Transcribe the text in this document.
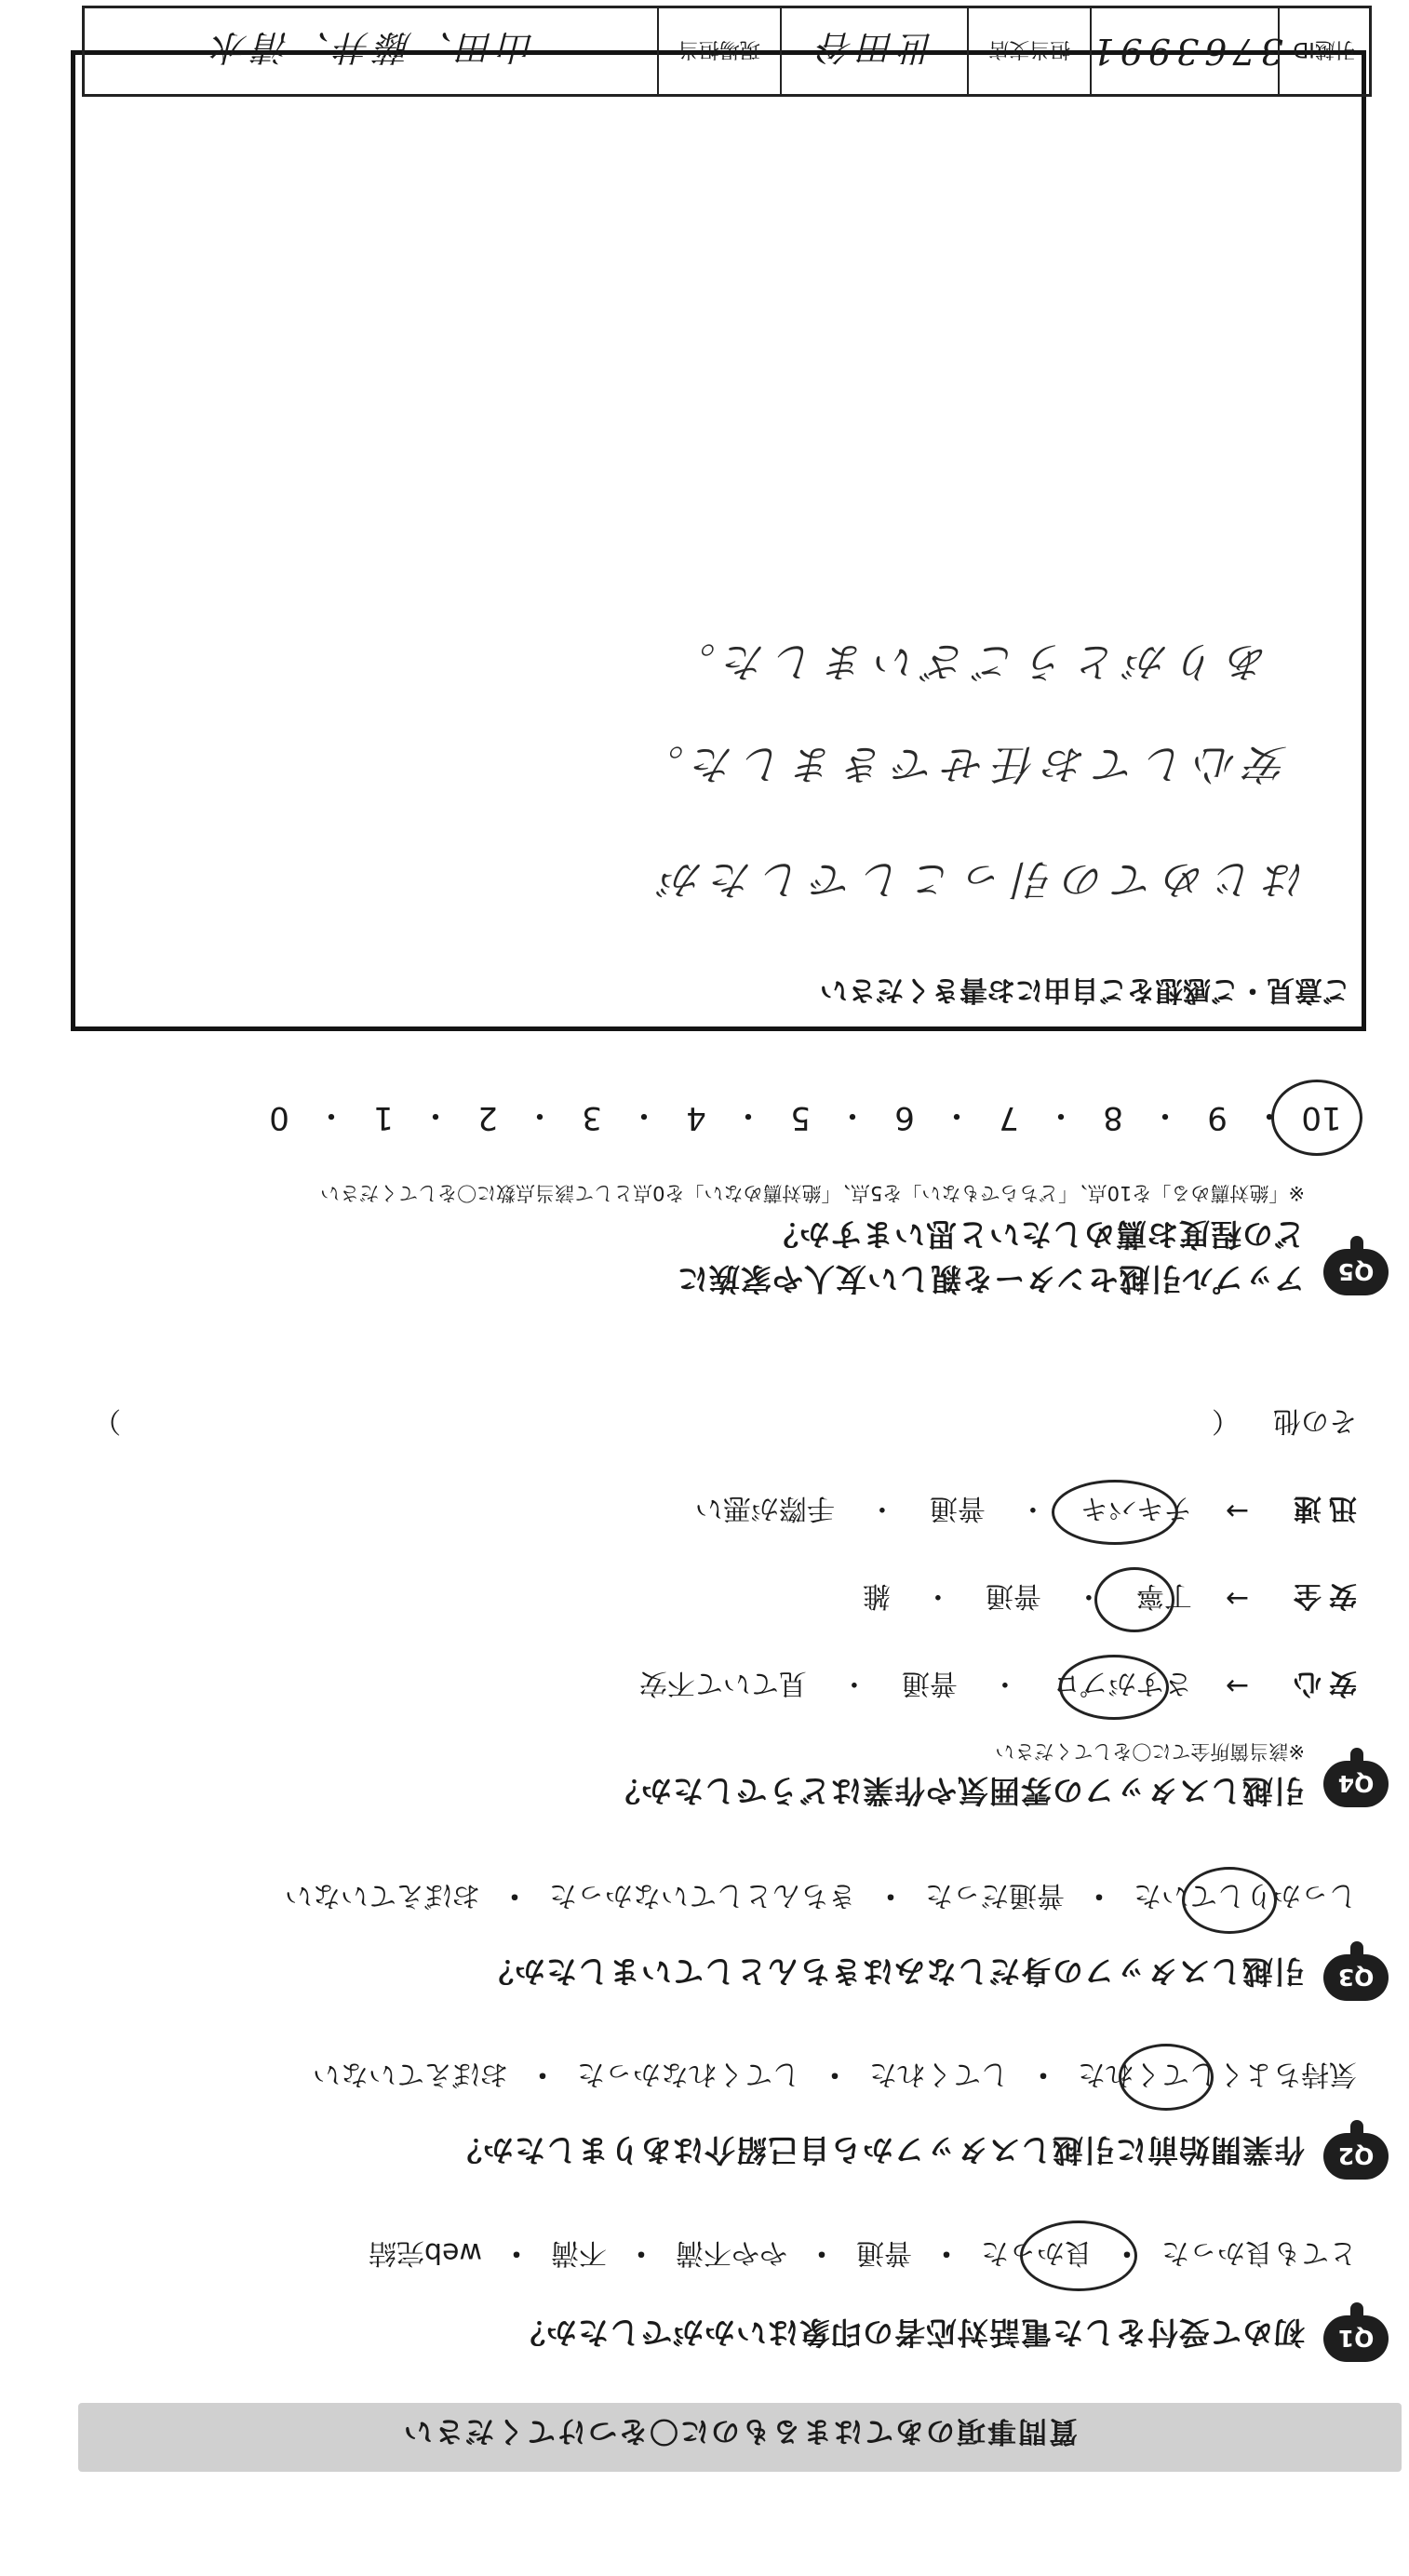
質問事項のあてはまるものに〇をつけてください
Q1
初めて受付をした電話対応者の印象はいかがでしたか？
とても良かった
・
良かった
・
普通
・
やや不満
・
不満
・
web完結
Q2
作業開始前に引越しスタッフから自己紹介はありましたか？
気持ちよくしてくれた
・
してくれた
・
してくれなかった
・
おぼえていない
Q3
引越しスタッフの身だしなみはきちんとしていましたか？
しっかりしていた
・
普通だった
・
きちんとしていなかった
・
おぼえていない
Q4
引越しスタッフの雰囲気や作業はどうでしたか？
※該当箇所全てに〇をしてください
安心
→
さすがプロ
・
普通
・
見ていて不安
安全
→
丁寧
・
普通
・
雑
迅速
→
テキパキ
・
普通
・
手際が悪い
その他
（
）
Q5
アップル引越センターを親しい友人や家族に
どの程度お薦めしたいと思いますか？
※「絶対薦める」を10点、「どちらでもない」を5点、「絶対薦めない」を0点として該当点数に〇をしてください
10
・
9
・
8
・
7
・
6
・
5
・
4
・
3
・
2
・
1
・
0
ご意見・ご感想をご自由にお書きください
はじめての引っこしでしたが
安心してお任せできました。
ありがとうございました。
引越ID
3763991
担当支店
世田谷
現場担当
山田、藤井、清水
